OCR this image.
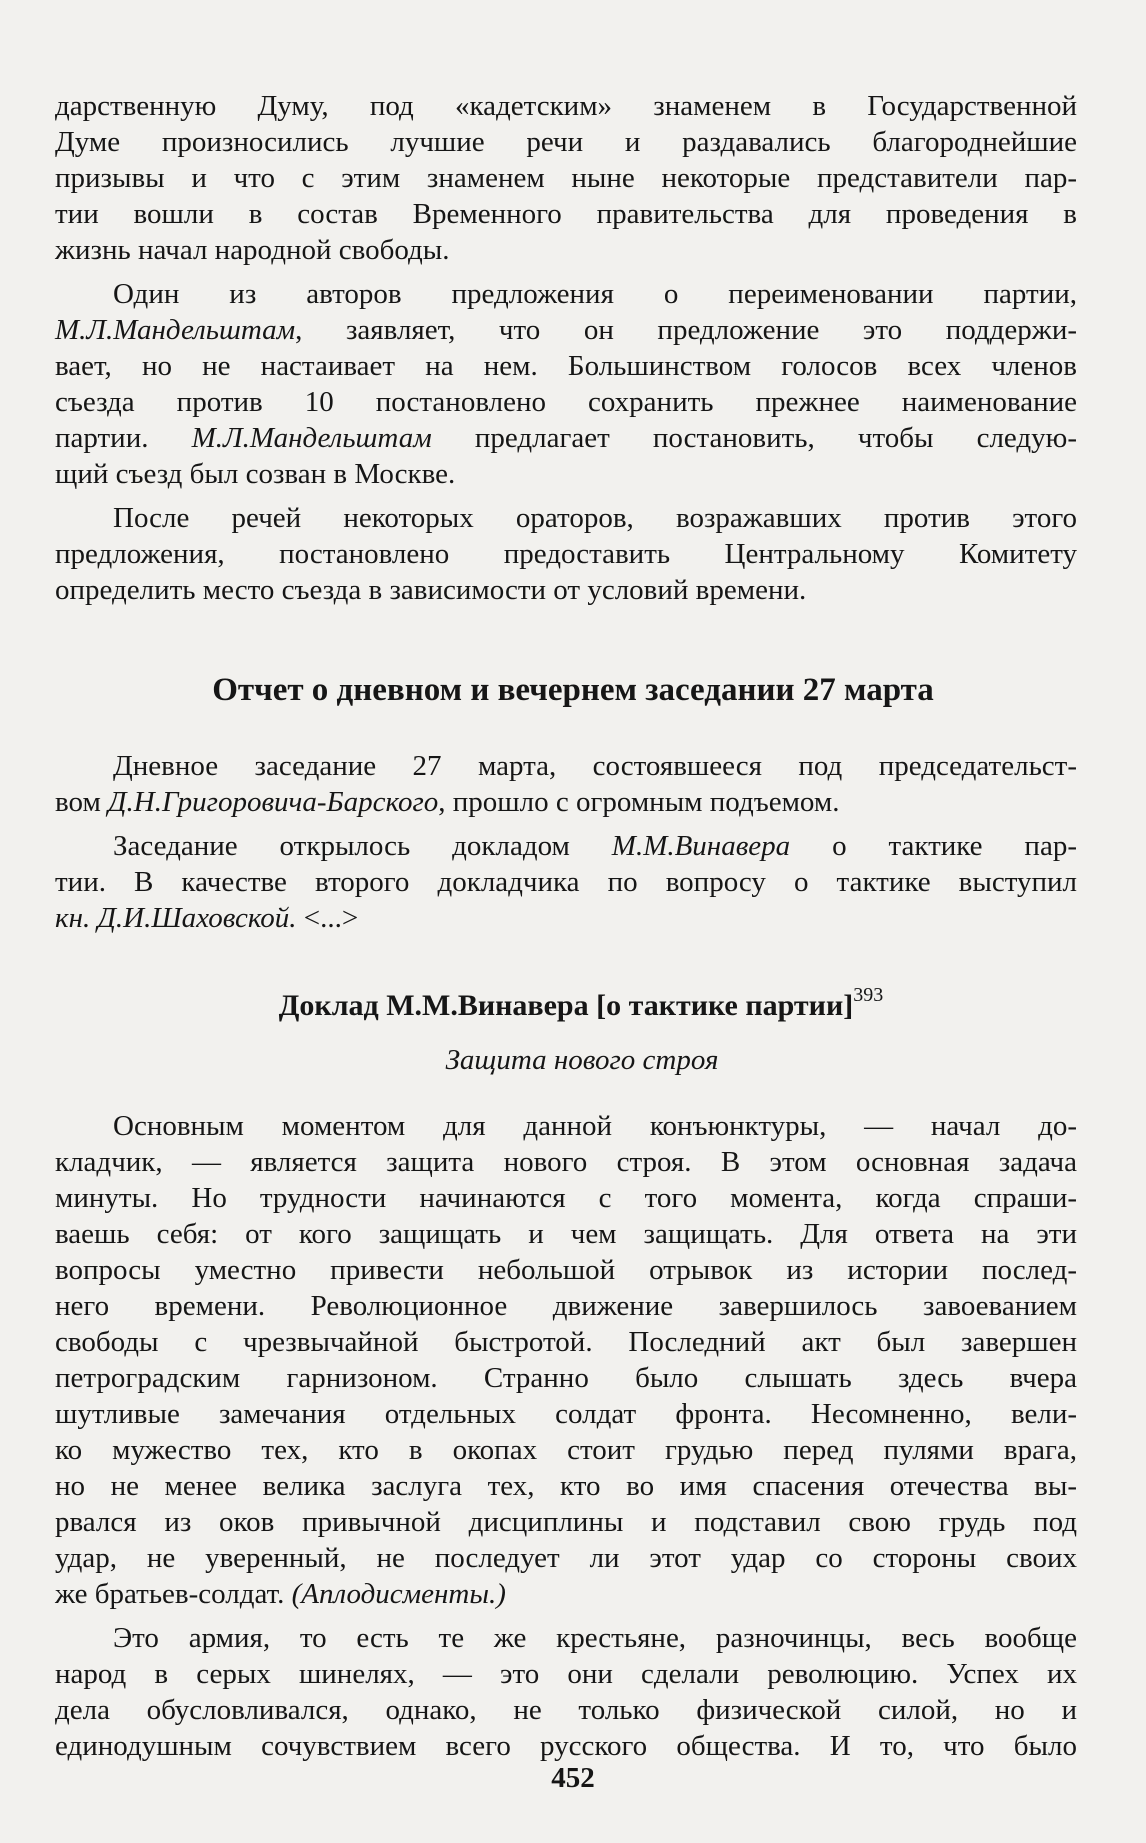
дарственную Думу, под «кадетским» знаменем в Государственной

Думе произносились лучшие речи и раздавались благороднейшие

призывы и что с этим знаменем ныне некоторые представители пар-

тии вошли в состав Временного правительства для проведения в

жизнь начал народной свободы.

Один из авторов предложения о переименовании партии,

М.Л.Мандельштам, заявляет, что он предложение это поддержи-

вает, но не настаивает на нем. Большинством голосов всех членов

съезда против 10 постановлено сохранить прежнее наименование

партии. М.Л.Мандельштам предлагает постановить, чтобы следую-

щий съезд был созван в Москве.

После речей некоторых ораторов, возражавших против этого

предложения, постановлено предоставить Центральному Комитету

определить место съезда в зависимости от условий времени.

Отчет о дневном и вечернем заседании 27 марта

Дневное заседание 27 марта, состоявшееся под председательст-

вом Д.Н.Григоровича-Барского, прошло с огромным подъемом.

Заседание открылось докладом М.М.Винавера о тактике пар-

тии. В качестве второго докладчика по вопросу о тактике выступил

кн. Д.И.Шаховской. <...>

Доклад М.М.Винавера [о тактике партии]$^{393}$
Защита нового строя

Основным моментом для данной конъюнктуры, — начал до-

кладчик, — является защита нового строя. В этом основная задача

минуты. Но трудности начинаются с того момента, когда спраши-

ваешь себя: от кого защищать и чем защищать. Для ответа на эти

вопросы уместно привести небольшой отрывок из истории послед-

него времени. Революционное движение завершилось завоеванием

свободы с чрезвычайной быстротой. Последний акт был завершен

петроградским гарнизоном. Странно было слышать здесь вчера

шутливые замечания отдельных солдат фронта. Несомненно, вели-

ко мужество тех, кто в окопах стоит грудью перед пулями врага,

но не менее велика заслуга тех, кто во имя спасения отечества вы-

рвался из оков привычной дисциплины и подставил свою грудь под

удар, не уверенный, не последует ли этот удар со стороны своих

же братьев-солдат. (Аплодисменты.)

Это армия, то есть те же крестьяне, разночинцы, весь вообще

народ в серых шинелях, — это они сделали революцию. Успех их

дела обусловливался, однако, не только физической силой, но и

единодушным сочувствием всего русского общества. И то, что было

452
